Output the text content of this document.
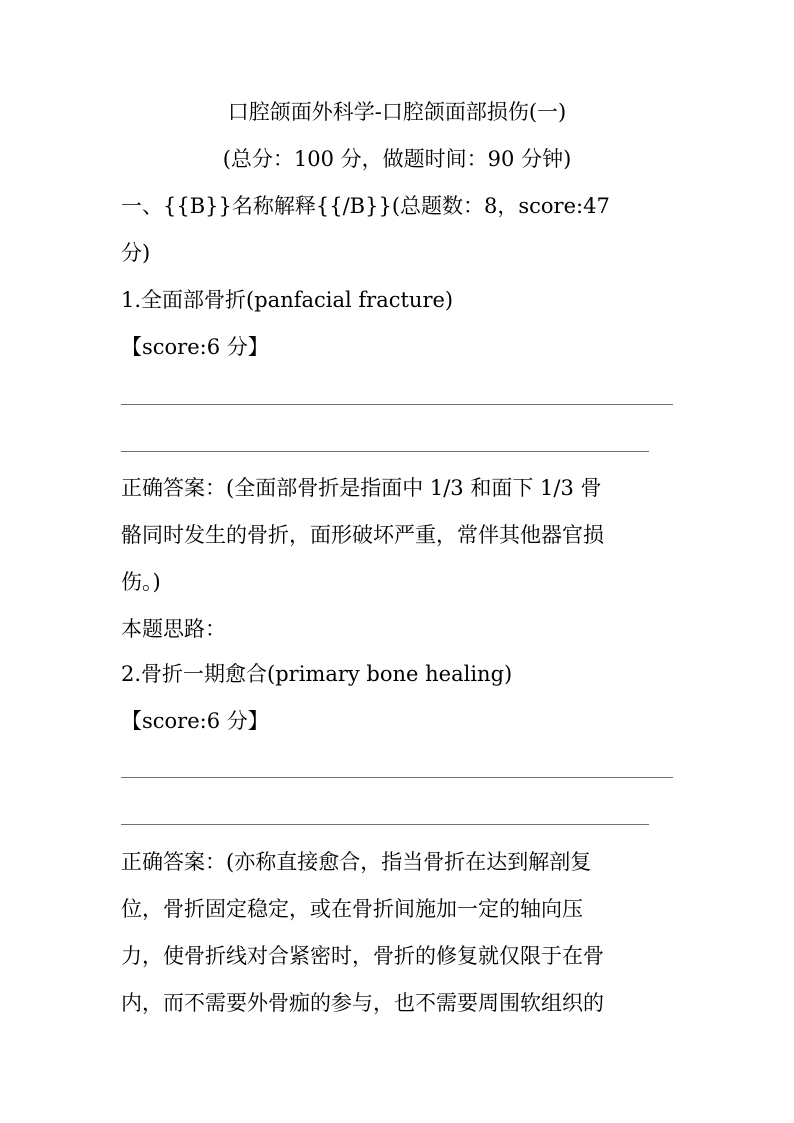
口腔颌面外科学-口腔颌面部损伤(一)
(总分：100 分，做题时间：90 分钟)
一、{{B}}名称解释{{/B}}(总题数：8，score:47
分)
1.全面部骨折(panfacial fracture)
【score:6 分】
正确答案：(全面部骨折是指面中 1/3 和面下 1/3 骨
骼同时发生的骨折，面形破坏严重，常伴其他器官损
伤。)
本题思路：
2.骨折一期愈合(primary bone healing)
【score:6 分】
正确答案：(亦称直接愈合，指当骨折在达到解剖复
位，骨折固定稳定，或在骨折间施加一定的轴向压
力，使骨折线对合紧密时，骨折的修复就仅限于在骨
内，而不需要外骨痂的参与，也不需要周围软组织的
